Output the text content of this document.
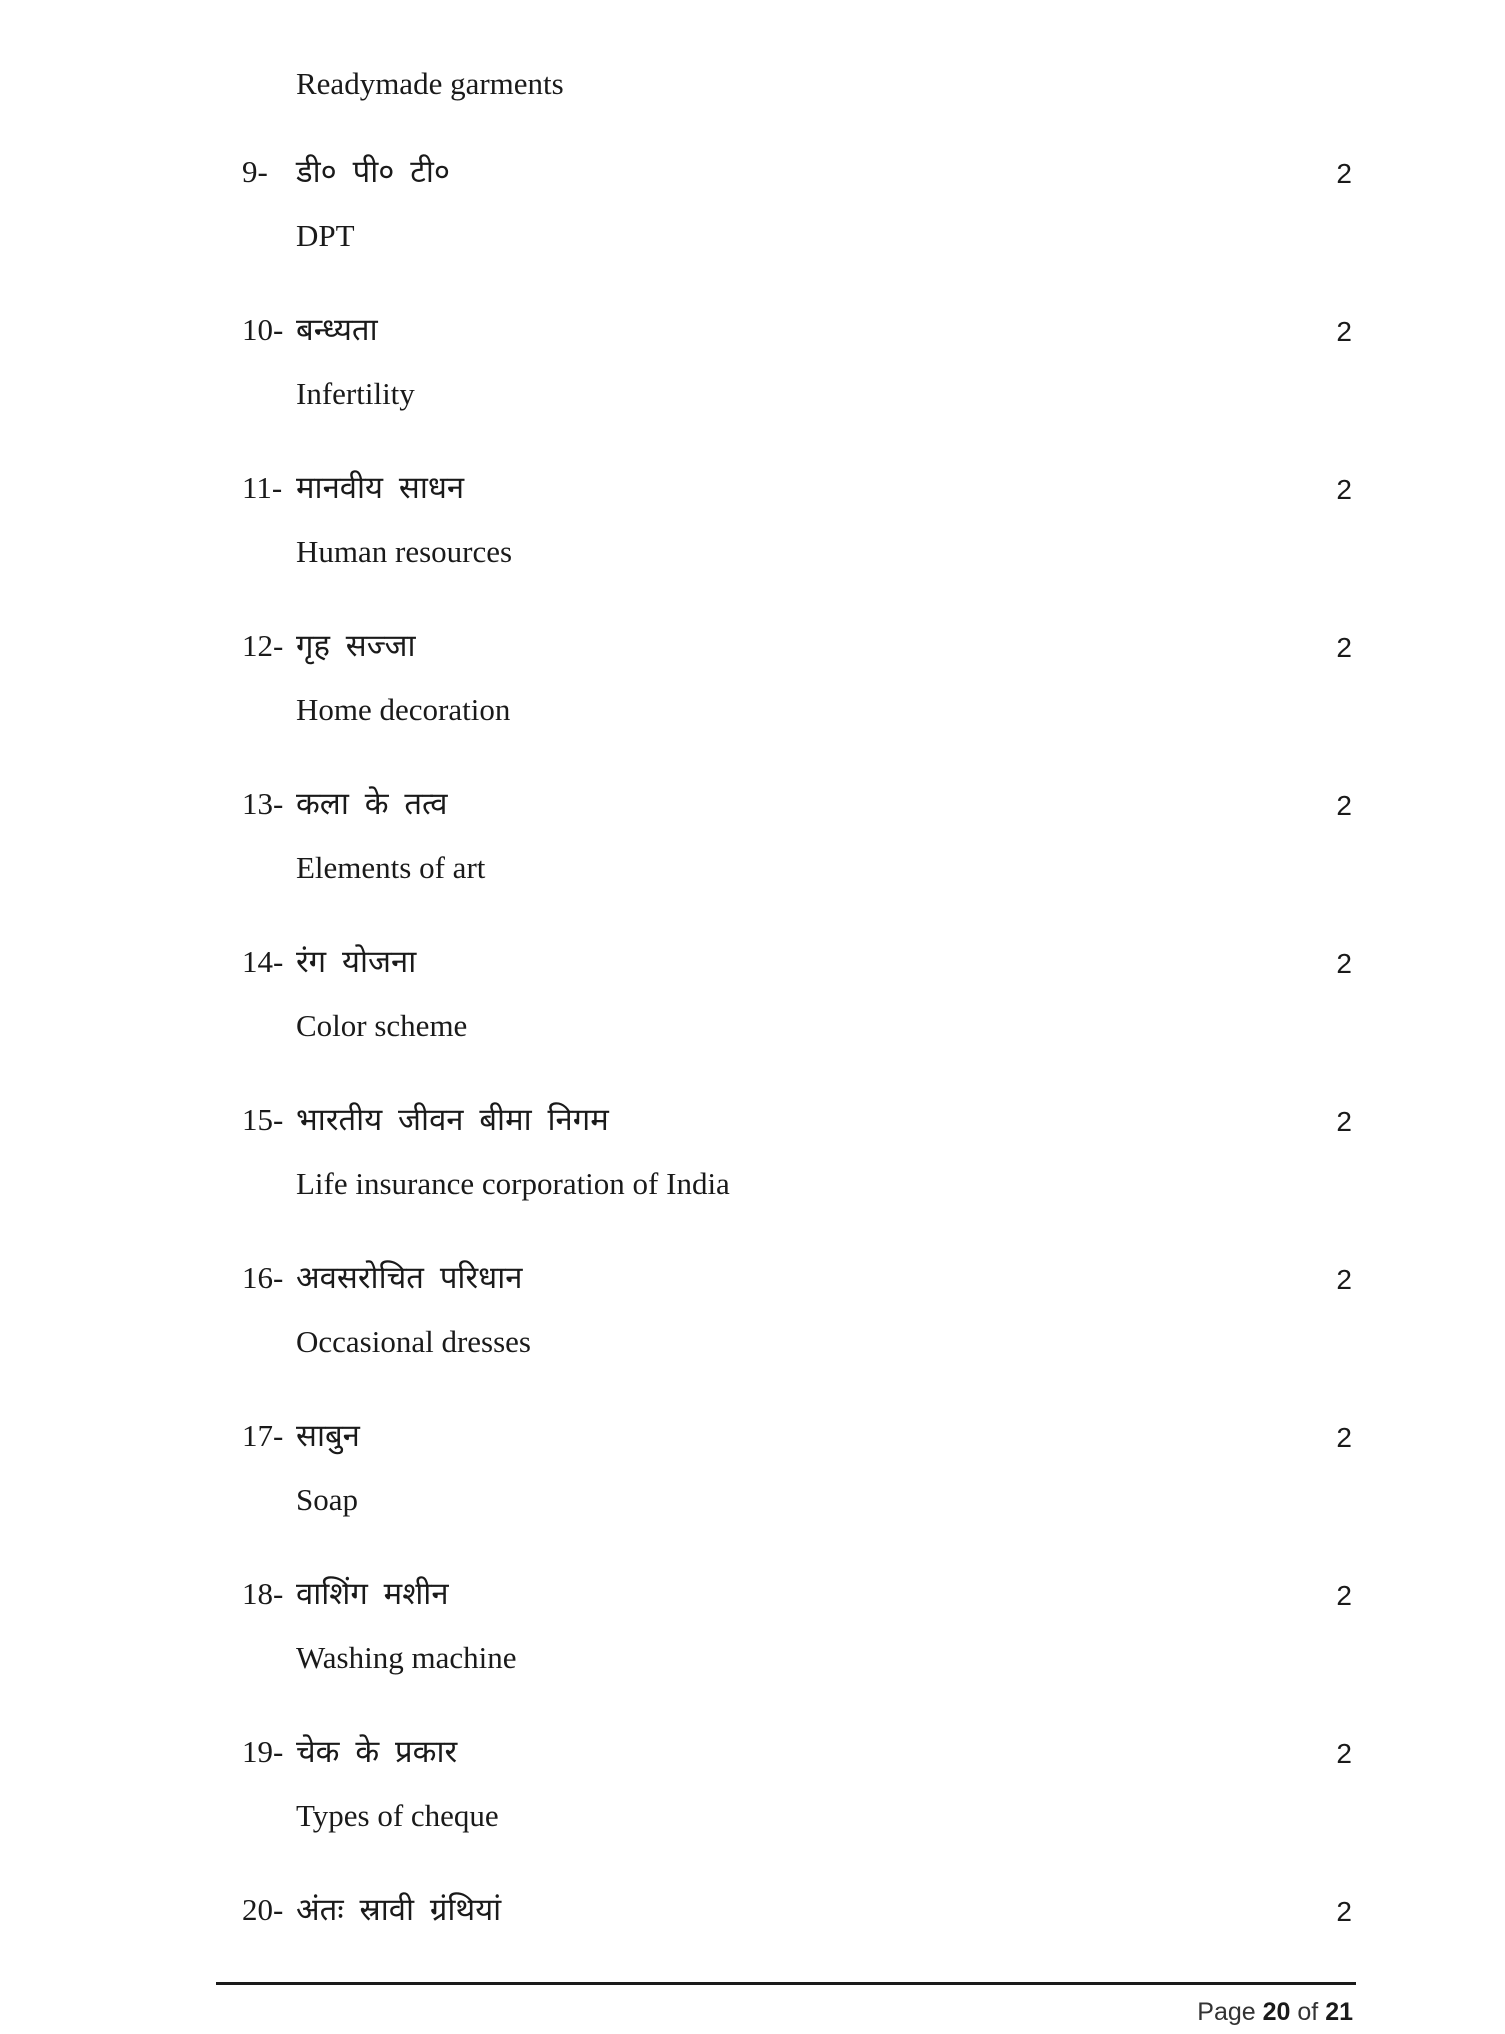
Readymade garments
9- डी० पी० टी०	2
DPT
10- बन्ध्यता	2
Infertility
11- मानवीय साधन	2
Human resources
12- गृह सज्जा	2
Home decoration
13- कला के तत्व	2
Elements of art
14- रंग योजना	2
Color scheme
15- भारतीय जीवन बीमा निगम	2
Life insurance corporation of India
16- अवसरोचित परिधान	2
Occasional dresses
17- साबुन	2
Soap
18- वाशिंग मशीन	2
Washing machine
19- चेक के प्रकार	2
Types of cheque
20- अंतः स्रावी ग्रंथियां	2
Page 20 of 21
